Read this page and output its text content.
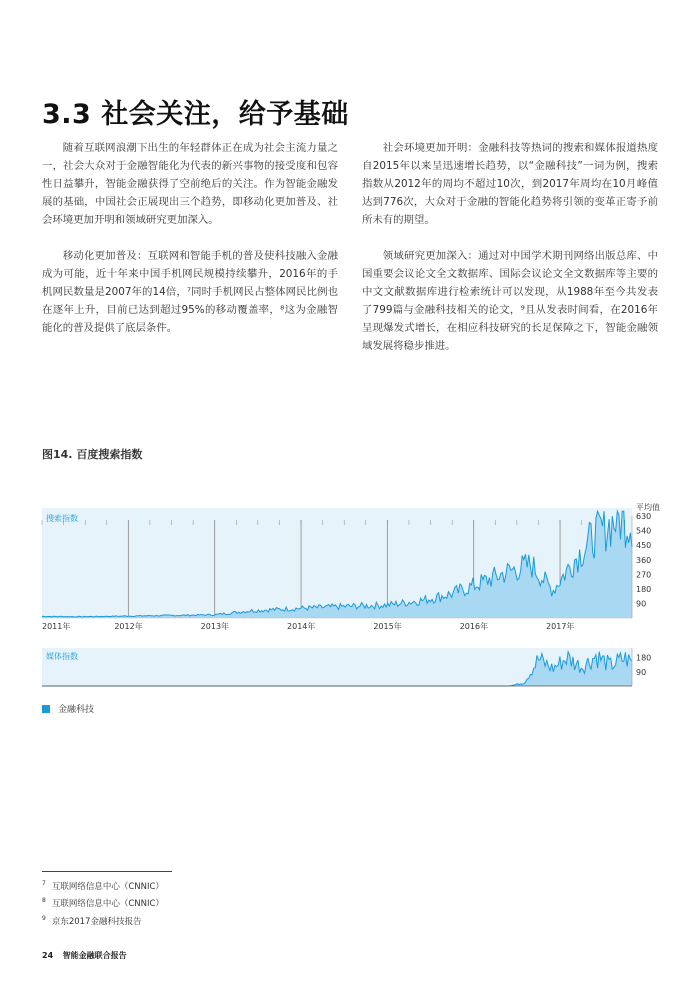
3.3 社会关注，给予基础

随着互联网浪潮下出生的年轻群体正在成为社会主流力量之一，社会大众对于金融智能化为代表的新兴事物的接受度和包容性日益攀升，智能金融获得了空前绝后的关注。作为智能金融发展的基础，中国社会正展现出三个趋势，即移动化更加普及、社会环境更加开明和领域研究更加深入。

移动化更加普及：互联网和智能手机的普及使科技融入金融成为可能，近十年来中国手机网民规模持续攀升，2016年的手机网民数量是2007年的14倍，⁷同时手机网民占整体网民比例也在逐年上升，目前已达到超过95%的移动覆盖率，⁸这为金融智能化的普及提供了底层条件。

社会环境更加开明：金融科技等热词的搜索和媒体报道热度自2015年以来呈迅速增长趋势，以“金融科技”一词为例，搜索指数从2012年的周均不超过10次，到2017年周均在10月峰值达到776次，大众对于金融的智能化趋势将引领的变革正寄予前所未有的期望。

领域研究更加深入：通过对中国学术期刊网络出版总库、中国重要会议论文全文数据库、国际会议论文全文数据库等主要的中文文献数据库进行检索统计可以发现，从1988年至今共发表了799篇与金融科技相关的论文，⁹且从发表时间看，在2016年呈现爆发式增长，在相应科技研究的长足保障之下，智能金融领域发展将稳步推进。

图14. 百度搜索指数
搜索指数
90
180
270
360
450
540
630
平均值
2011年	2012年	2013年	2014年	2015年	2016年	2017年
媒体指数
90
180
金融科技
$^7$ 互联网络信息中心（CNNIC）
$^8$ 互联网络信息中心（CNNIC）
$^9$ 京东2017金融科技报告
24 智能金融联合报告
